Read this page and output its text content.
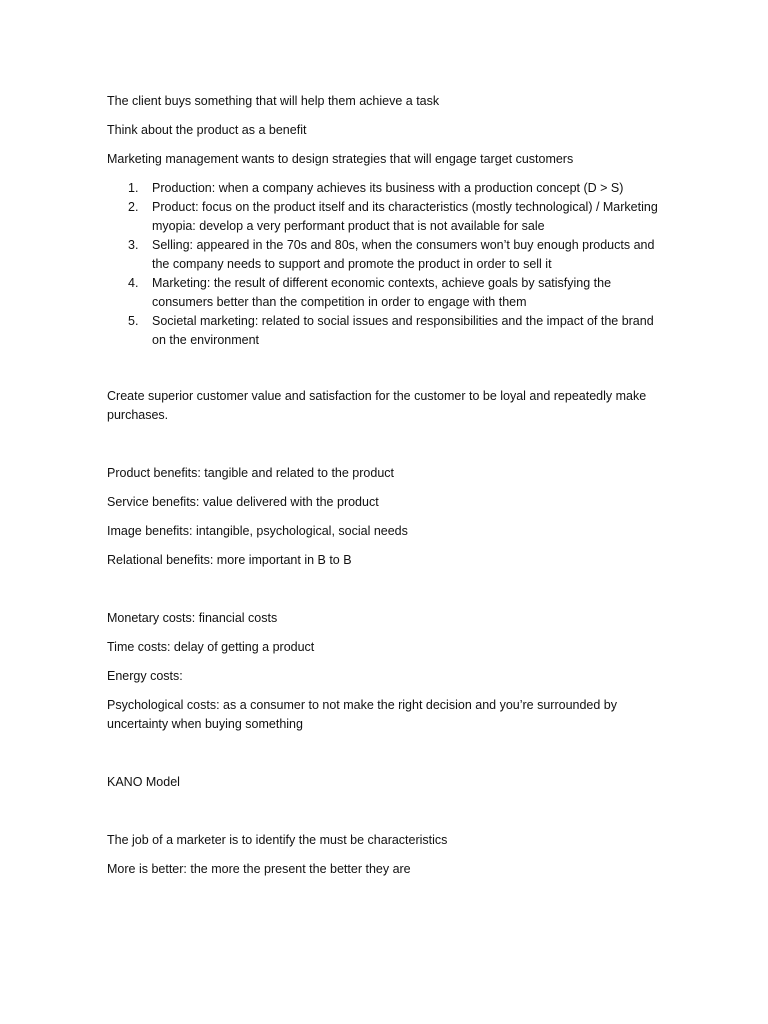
The client buys something that will help them achieve a task

Think about the product as a benefit

Marketing management wants to design strategies that will engage target customers

1.	Production: when a company achieves its business with a production concept (D > S)
2.	Product: focus on the product itself and its characteristics (mostly technological) / Marketing myopia: develop a very performant product that is not available for sale
3.	Selling: appeared in the 70s and 80s, when the consumers won’t buy enough products and the company needs to support and promote the product in order to sell it
4.	Marketing: the result of different economic contexts, achieve goals by satisfying the consumers better than the competition in order to engage with them
5.	Societal marketing: related to social issues and responsibilities and the impact of the brand on the environment

Create superior customer value and satisfaction for the customer to be loyal and repeatedly make purchases.

Product benefits: tangible and related to the product

Service benefits: value delivered with the product

Image benefits: intangible, psychological, social needs

Relational benefits: more important in B to B

Monetary costs: financial costs

Time costs: delay of getting a product

Energy costs:

Psychological costs: as a consumer to not make the right decision and you’re surrounded by uncertainty when buying something

KANO Model

The job of a marketer is to identify the must be characteristics

More is better: the more the present the better they are
